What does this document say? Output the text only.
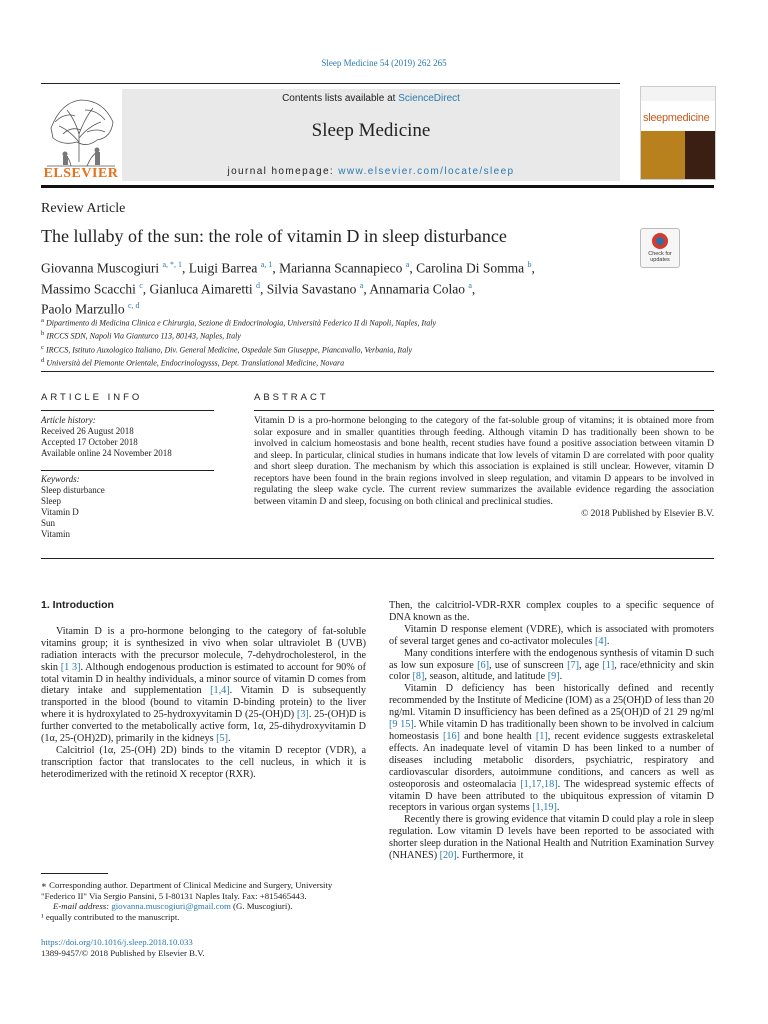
Sleep Medicine 54 (2019) 262 265
ELSEVIER
Contents lists available at ScienceDirect
Sleep Medicine
journal homepage: www.elsevier.com/locate/sleep
sleepmedicine
Review Article
The lullaby of the sun: the role of vitamin D in sleep disturbance
Check for updates
Giovanna Muscogiuri $^{a, *, 1}$, Luigi Barrea $^{a, 1}$, Marianna Scannapieco $^a$, Carolina Di Somma $^b$,
Massimo Scacchi $^c$, Gianluca Aimaretti $^d$, Silvia Savastano $^a$, Annamaria Colao $^a$,
Paolo Marzullo $^{c, d}$
$^a$ Dipartimento di Medicina Clinica e Chirurgia, Sezione di Endocrinologia, Università Federico II di Napoli, Naples, Italy
$^b$ IRCCS SDN, Napoli Via Gianturco 113, 80143, Naples, Italy
$^c$ IRCCS, Istituto Auxologico Italiano, Div. General Medicine, Ospedale San Giuseppe, Piancavallo, Verbania, Italy
$^d$ Università del Piemonte Orientale, Endocrinologysss, Dept. Translational Medicine, Novara
ARTICLE INFO	ABSTRACT
Article history:
Received 26 August 2018
Accepted 17 October 2018
Available online 24 November 2018
Keywords:
Sleep disturbance
Sleep
Vitamin D
Sun
Vitamin
Vitamin D is a pro-hormone belonging to the category of the fat-soluble group of vitamins; it is obtained more from solar exposure and in smaller quantities through feeding. Although vitamin D has traditionally been shown to be involved in calcium homeostasis and bone health, recent studies have found a positive association between vitamin D and sleep. In particular, clinical studies in humans indicate that low levels of vitamin D are correlated with poor quality and short sleep duration. The mechanism by which this association is explained is still unclear. However, vitamin D receptors have been found in the brain regions involved in sleep regulation, and vitamin D appears to be involved in regulating the sleep wake cycle. The current review summarizes the available evidence regarding the association between vitamin D and sleep, focusing on both clinical and preclinical studies.
© 2018 Published by Elsevier B.V.

1. Introduction

Vitamin D is a pro-hormone belonging to the category of fat-soluble vitamins group; it is synthesized in vivo when solar ultraviolet B (UVB) radiation interacts with the precursor molecule, 7-dehydrocholesterol, in the skin [1 3]. Although endogenous production is estimated to account for 90% of total vitamin D in healthy individuals, a minor source of vitamin D comes from dietary intake and supplementation [1,4]. Vitamin D is subsequently transported in the blood (bound to vitamin D-binding protein) to the liver where it is hydroxylated to 25-hydroxyvitamin D (25-(OH)D) [3]. 25-(OH)D is further converted to the metabolically active form, 1α, 25-dihydroxyvitamin D (1α, 25-(OH)2D), primarily in the kidneys [5].

Calcitriol (1α, 25-(OH) 2D) binds to the vitamin D receptor (VDR), a transcription factor that translocates to the cell nucleus, in which it is heterodimerized with the retinoid X receptor (RXR).

Then, the calcitriol-VDR-RXR complex couples to a specific sequence of DNA known as the.

Vitamin D response element (VDRE), which is associated with promoters of several target genes and co-activator molecules [4].

Many conditions interfere with the endogenous synthesis of vitamin D such as low sun exposure [6], use of sunscreen [7], age [1], race/ethnicity and skin color [8], season, altitude, and latitude [9].

Vitamin D deficiency has been historically defined and recently recommended by the Institute of Medicine (IOM) as a 25(OH)D of less than 20 ng/ml. Vitamin D insufficiency has been defined as a 25(OH)D of 21 29 ng/ml [9 15]. While vitamin D has traditionally been shown to be involved in calcium homeostasis [16] and bone health [1], recent evidence suggests extraskeletal effects. An inadequate level of vitamin D has been linked to a number of diseases including metabolic disorders, psychiatric, respiratory and cardiovascular disorders, autoimmune conditions, and cancers as well as osteoporosis and osteomalacia [1,17,18]. The widespread systemic effects of vitamin D have been attributed to the ubiquitous expression of vitamin D receptors in various organ systems [1,19].

Recently there is growing evidence that vitamin D could play a role in sleep regulation. Low vitamin D levels have been reported to be associated with shorter sleep duration in the National Health and Nutrition Examination Survey (NHANES) [20]. Furthermore, it

∗ Corresponding author. Department of Clinical Medicine and Surgery, University "Federico II" Via Sergio Pansini, 5 I-80131 Naples Italy. Fax: +815465443.

E-mail address: giovanna.muscogiuri@gmail.com (G. Muscogiuri).

¹ equally contributed to the manuscript.

https://doi.org/10.1016/j.sleep.2018.10.033
1389-9457/© 2018 Published by Elsevier B.V.
